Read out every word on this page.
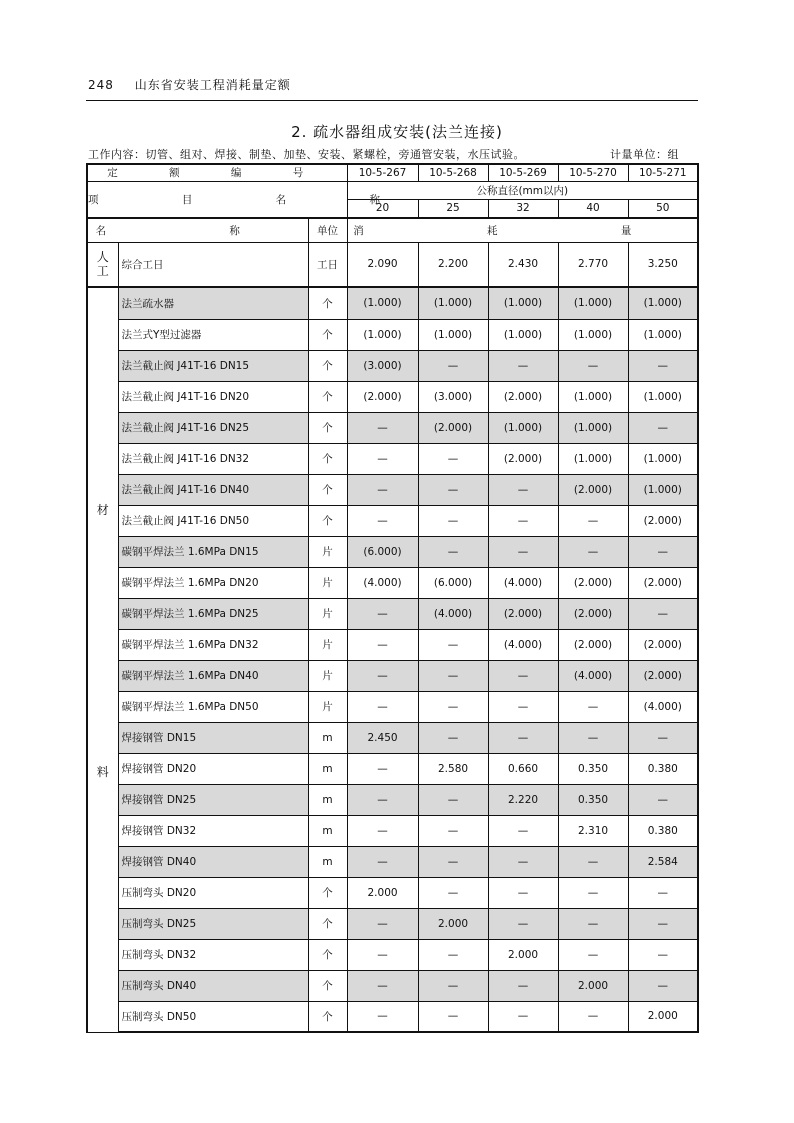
248 山东省安装工程消耗量定额
2. 疏水器组成安装(法兰连接)
工作内容：切管、组对、焊接、制垫、加垫、安装、紧螺栓，旁通管安装，水压试验。	计量单位：组
定 额 编 号			10-5-267	10-5-268	10-5-269	10-5-270	10-5-271
项 目 名 称			公称直径(mm以内)				
			20	25	32	40	50
名 称		单位	消 耗 量				
人
工	综合工日	工日	2.090	2.200	2.430	2.770	3.250

材
料	法兰疏水器	个	(1.000)	(1.000)	(1.000)	(1.000)	(1.000)
	法兰式Y型过滤器	个	(1.000)	(1.000)	(1.000)	(1.000)	(1.000)
	法兰截止阀 J41T-16 DN15	个	(3.000)	—	—	—	—
	法兰截止阀 J41T-16 DN20	个	(2.000)	(3.000)	(2.000)	(1.000)	(1.000)
	法兰截止阀 J41T-16 DN25	个	—	(2.000)	(1.000)	(1.000)	—
	法兰截止阀 J41T-16 DN32	个	—	—	(2.000)	(1.000)	(1.000)
	法兰截止阀 J41T-16 DN40	个	—	—	—	(2.000)	(1.000)
	法兰截止阀 J41T-16 DN50	个	—	—	—	—	(2.000)
	碳钢平焊法兰 1.6MPa DN15	片	(6.000)	—	—	—	—
	碳钢平焊法兰 1.6MPa DN20	片	(4.000)	(6.000)	(4.000)	(2.000)	(2.000)
	碳钢平焊法兰 1.6MPa DN25	片	—	(4.000)	(2.000)	(2.000)	—
	碳钢平焊法兰 1.6MPa DN32	片	—	—	(4.000)	(2.000)	(2.000)
	碳钢平焊法兰 1.6MPa DN40	片	—	—	—	(4.000)	(2.000)
	碳钢平焊法兰 1.6MPa DN50	片	—	—	—	—	(4.000)
	焊接钢管 DN15	m	2.450	—	—	—	—
	焊接钢管 DN20	m	—	2.580	0.660	0.350	0.380
	焊接钢管 DN25	m	—	—	2.220	0.350	—
	焊接钢管 DN32	m	—	—	—	2.310	0.380
	焊接钢管 DN40	m	—	—	—	—	2.584
	压制弯头 DN20	个	2.000	—	—	—	—
	压制弯头 DN25	个	—	2.000	—	—	—
	压制弯头 DN32	个	—	—	2.000	—	—
	压制弯头 DN40	个	—	—	—	2.000	—
	压制弯头 DN50	个	—	—	—	—	2.000
